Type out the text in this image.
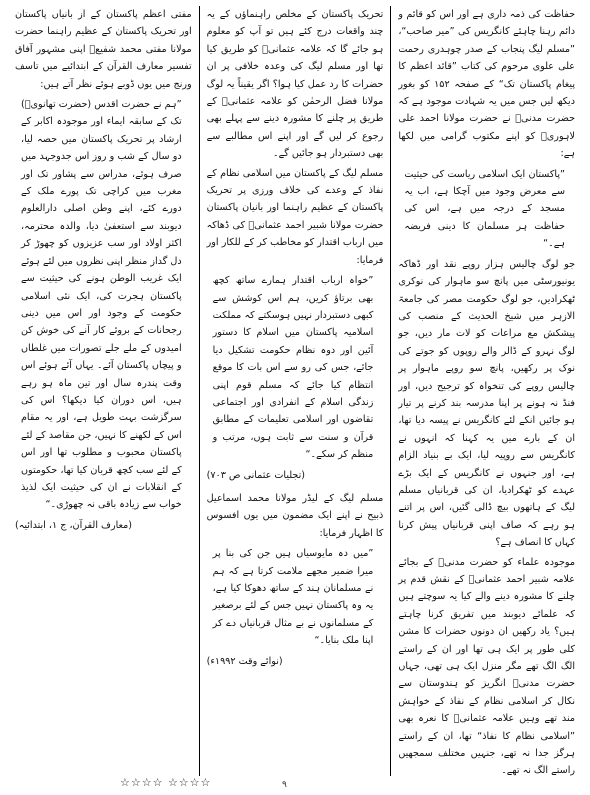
حفاظت کی ذمہ داری ہے اور اس کو قائم و دائم رہنا چاہئے کانگریس کی ”میر صاحب“، ”مسلم لیگ پنجاب کے صدر چوہدری رحمت علی علوی مرحوم کی کتاب ”قائد اعظم کا پیغام پاکستان تک“ کے صفحہ ۱۵۲ کو بغور دیکھ لیں جس میں یہ شہادت موجود ہے کہ حضرت مدنیؒ نے حضرت مولانا احمد علی لاہوریؒ کو اپنے مکتوب گرامی میں لکھا ہے:

”پاکستان ایک اسلامی ریاست کی حیثیت سے معرض وجود میں آچکا ہے، اب یہ مسجد کے درجہ میں ہے، اس کی حفاظت ہر مسلمان کا دینی فریضہ ہے۔“

جو لوگ چالیس ہزار روپے نقد اور ڈھاکہ یونیورسٹی میں پانچ سو ماہوار کی نوکری ٹھکرادیں، جو لوگ حکومت مصر کی جامعۃ الازہر میں شیخ الحدیث کے منصب کی پیشکش مع مراعات کو لات مار دیں، جو لوگ نہرو کے ڈالر والے روپوں کو جوتے کی نوک پر رکھیں، پانچ سو روپے ماہوار پر چالیس روپے کی تنخواہ کو ترجیح دیں، اور فنڈ نہ ہونے پر اپنا مدرسہ بند کرنے پر تیار ہو جائیں انکے لئے کانگریس نے پیسہ دیا تھا، ان کے بارے میں یہ کہنا کہ انہوں نے کانگریس سے روپیہ لیا، ایک بے بنیاد الزام ہے، اور جنہوں نے کانگریس کے ایک بڑے عہدے کو ٹھکرادیا، ان کی قربانیاں مسلم لیگ کے ہاتھوں بیچ ڈالی گئیں، اس پر اتنے ہو رہے کہ صاف اپنی قربانیاں پیش کرنا کہاں کا انصاف ہے؟

موجودہ علماء کو حضرت مدنیؒ کے بجائے علامہ شبیر احمد عثمانیؒ کے نقش قدم پر چلنے کا مشورہ دینے والے کیا یہ سوچتے ہیں کہ علمائے دیوبند میں تفریق کرنا چاہتے ہیں؟ یاد رکھیں ان دونوں حضرات کا مشن کلی طور پر ایک ہی تھا اور ان کے راستے الگ الگ تھے مگر منزل ایک ہی تھی، جہاں حضرت مدنیؒ انگریز کو ہندوستان سے نکال کر اسلامی نظام کے نفاذ کے خواہش مند تھے وہیں علامہ عثمانیؒ کا نعرہ بھی ”اسلامی نظام کا نفاذ“ تھا، ان کے راستے ہرگز جدا نہ تھے، جنہیں مختلف سمجھیں راستے الگ نہ تھے۔

تحریک پاکستان کے مخلص راہنماؤں کے یہ چند واقعات درج کئے ہیں تو آپ کو معلوم ہو جائے گا کہ علامہ عثمانیؒ کو طریق کیا تھا اور مسلم لیگ کی وعدہ خلافی پر ان حضرات کا رد عمل کیا ہوا؟ اگر یقیناً یہ لوگ مولانا فضل الرحمٰن کو علامہ عثمانیؒ کے طریق پر چلنے کا مشورہ دینے سے پہلے بھی رجوع کر لیں گے اور اپنے اس مطالبے سے بھی دستبردار ہو جائیں گے۔

مسلم لیگ کے پاکستان میں اسلامی نظام کے نفاذ کے وعدے کی خلاف ورزی پر تحریک پاکستان کے عظیم راہنما اور بانیان پاکستان حضرت مولانا شبیر احمد عثمانیؒ کی ڈھاکہ میں ارباب اقتدار کو مخاطب کر کے للکار اور فرمایا:

”خواہ ارباب اقتدار ہمارے ساتھ کچھ بھی برتاؤ کریں، ہم اس کوشش سے کبھی دستبردار نہیں ہوسکتے کہ مملکت اسلامیہ پاکستان میں اسلام کا دستور آئین اور دوہ نظام حکومت تشکیل دیا جائے، جس کی رو سے اس بات کا موقع انتظام کیا جائے کہ مسلم قوم اپنی زندگی اسلام کے انفرادی اور اجتماعی تقاضوں اور اسلامی تعلیمات کے مطابق قرآن و سنت سے ثابت ہوں، مرتب و منظم کر سکے۔“

(تجلیات عثمانی ص ۷۰۳)

مسلم لیگ کے لیڈر مولانا محمد اسماعیل ذبیح نے اپنے ایک مضمون میں یوں افسوس کا اظہار فرمایا:

”میں دہ مایوسیاں ہیں جن کی بنا پر میرا ضمیر مجھے ملامت کرتا ہے کہ ہم نے مسلمانان ہند کے ساتھ دھوکا کیا ہے، یہ وہ پاکستان نہیں جس کے لئے برصغیر کے مسلمانوں نے بے مثال قربانیاں دے کر اپنا ملک بنایا۔“

(نوائے وقت ۱۹۹۲ء)

مفتی اعظم پاکستان کے از بانیاں پاکستان اور تحریک پاکستان کے عظیم راہنما حضرت مولانا مفتی محمد شفیعؒ اپنی مشہور آفاق تفسیر معارف القرآن کے ابتدائیے میں تاسف ورنج میں یوں ڈوبے ہوئے نظر آتے ہیں:

”ہم نے حضرت اقدس (حضرت تھانویؒ) تک کے سابقہ ایماء اور موجودہ اکابر کے ارشاد پر تحریک پاکستان میں حصہ لیا، دو سال کے شب و روز اس جدوجہد میں صرف ہوئے، مدراس سے پشاور تک اور مغرب میں کراچی تک پورے ملک کے دورے کئے، اپنے وطن اصلی دارالعلوم دیوبند سے استعفیٰ دیا، والدہ محترمہ، اکثر اولاد اور سب عزیزوں کو چھوڑ کر دل گداز منظر اپنی نظروں میں لئے ہوئے ایک غریب الوطن ہونے کی حیثیت سے پاکستان ہجرت کی، ایک نئی اسلامی حکومت کے وجود اور اس میں دینی رجحانات کے بروئے کار آنے کی خوش کن امیدوں کے ملے جلے تصورات میں غلطاں و پیچاں پاکستان آئے۔ یہاں آئے ہوئے اس وقت پندرہ سال اور تین ماہ ہو رہے ہیں، اس دوران کیا دیکھا؟ اس کی سرگزشت بہت طویل ہے، اور یہ مقام اس کے لکھنے کا نہیں، جن مقاصد کے لئے پاکستان محبوب و مطلوب تھا اور اس کے لئے سب کچھ قربان کیا تھا، حکومتوں کے انقلابات نے ان کی حیثیت ایک لذیذ خواب سے زیادہ باقی نہ چھوڑی۔“

(معارف القرآن، ج ۱، ابتدائیہ)

☆☆☆☆ ☆☆☆☆	۹
